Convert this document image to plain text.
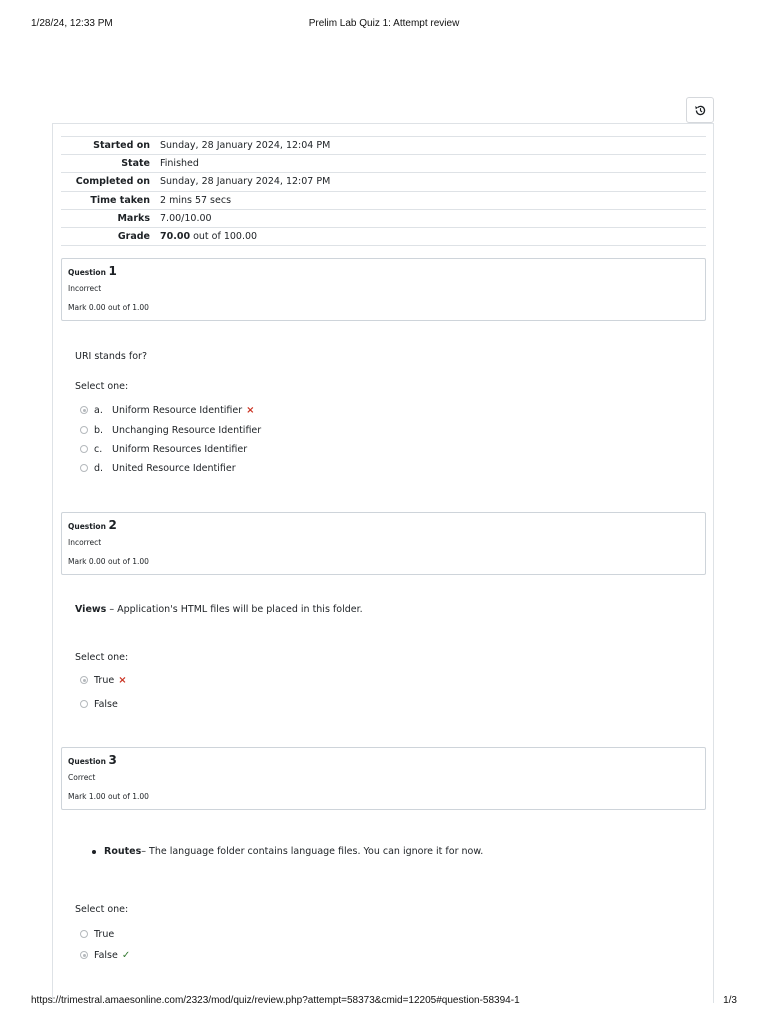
1/28/24, 12:33 PM	Prelim Lab Quiz 1: Attempt review
Started on	Sunday, 28 January 2024, 12:04 PM
State	Finished
Completed on	Sunday, 28 January 2024, 12:07 PM
Time taken	2 mins 57 secs
Marks	7.00/10.00
Grade	70.00 out of 100.00
Question 1
Incorrect
Mark 0.00 out of 1.00
URI stands for?
Select one:
a. Uniform Resource Identifier ×
b. Unchanging Resource Identifier
c.	Uniform Resources Identifier
d. United Resource Identifier
Question 2
Incorrect
Mark 0.00 out of 1.00
Views – Application's HTML files will be placed in this folder.
Select one:
True ×
False
Question 3
Correct
Mark 1.00 out of 1.00
Routes– The language folder contains language files. You can ignore it for now.
Select one:
True
False ✓
https://trimestral.amaesonline.com/2323/mod/quiz/review.php?attempt=58373&cmid=12205#question-58394-1	1/3
